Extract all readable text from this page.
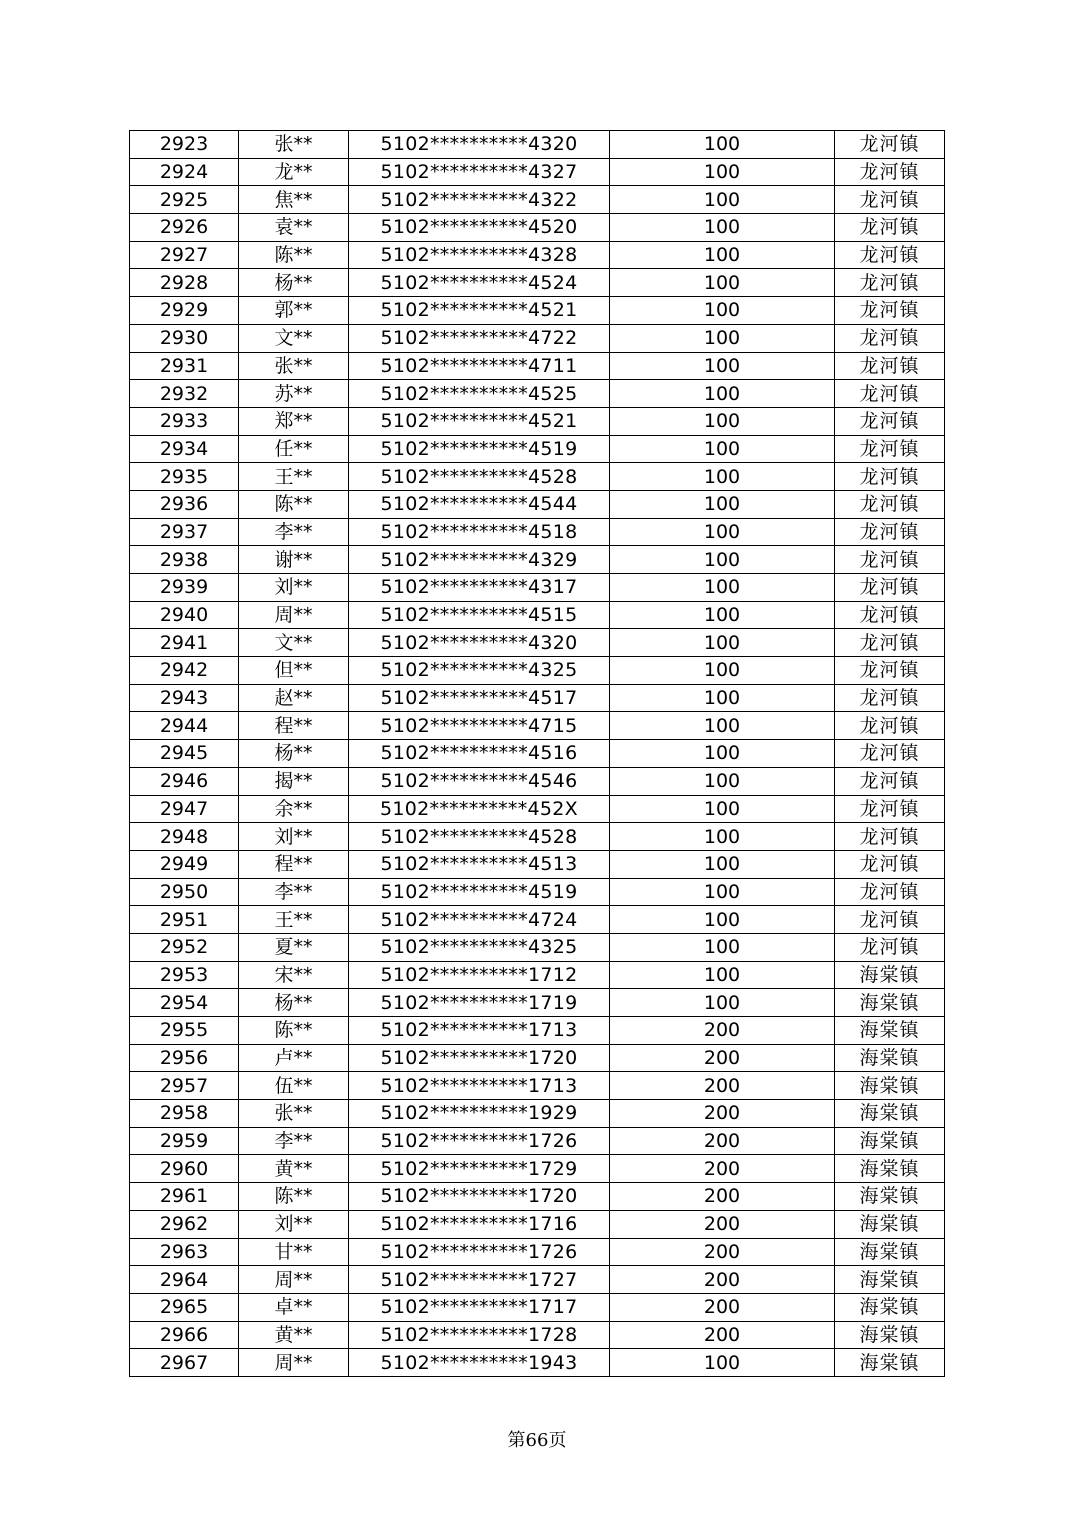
2923	张**	5102**********4320	100	龙河镇
2924	龙**	5102**********4327	100	龙河镇
2925	焦**	5102**********4322	100	龙河镇
2926	袁**	5102**********4520	100	龙河镇
2927	陈**	5102**********4328	100	龙河镇
2928	杨**	5102**********4524	100	龙河镇
2929	郭**	5102**********4521	100	龙河镇
2930	文**	5102**********4722	100	龙河镇
2931	张**	5102**********4711	100	龙河镇
2932	苏**	5102**********4525	100	龙河镇
2933	郑**	5102**********4521	100	龙河镇
2934	任**	5102**********4519	100	龙河镇
2935	王**	5102**********4528	100	龙河镇
2936	陈**	5102**********4544	100	龙河镇
2937	李**	5102**********4518	100	龙河镇
2938	谢**	5102**********4329	100	龙河镇
2939	刘**	5102**********4317	100	龙河镇
2940	周**	5102**********4515	100	龙河镇
2941	文**	5102**********4320	100	龙河镇
2942	但**	5102**********4325	100	龙河镇
2943	赵**	5102**********4517	100	龙河镇
2944	程**	5102**********4715	100	龙河镇
2945	杨**	5102**********4516	100	龙河镇
2946	揭**	5102**********4546	100	龙河镇
2947	余**	5102**********452X	100	龙河镇
2948	刘**	5102**********4528	100	龙河镇
2949	程**	5102**********4513	100	龙河镇
2950	李**	5102**********4519	100	龙河镇
2951	王**	5102**********4724	100	龙河镇
2952	夏**	5102**********4325	100	龙河镇
2953	宋**	5102**********1712	100	海棠镇
2954	杨**	5102**********1719	100	海棠镇
2955	陈**	5102**********1713	200	海棠镇
2956	卢**	5102**********1720	200	海棠镇
2957	伍**	5102**********1713	200	海棠镇
2958	张**	5102**********1929	200	海棠镇
2959	李**	5102**********1726	200	海棠镇
2960	黄**	5102**********1729	200	海棠镇
2961	陈**	5102**********1720	200	海棠镇
2962	刘**	5102**********1716	200	海棠镇
2963	甘**	5102**********1726	200	海棠镇
2964	周**	5102**********1727	200	海棠镇
2965	卓**	5102**********1717	200	海棠镇
2966	黄**	5102**********1728	200	海棠镇
2967	周**	5102**********1943	100	海棠镇
第66页
